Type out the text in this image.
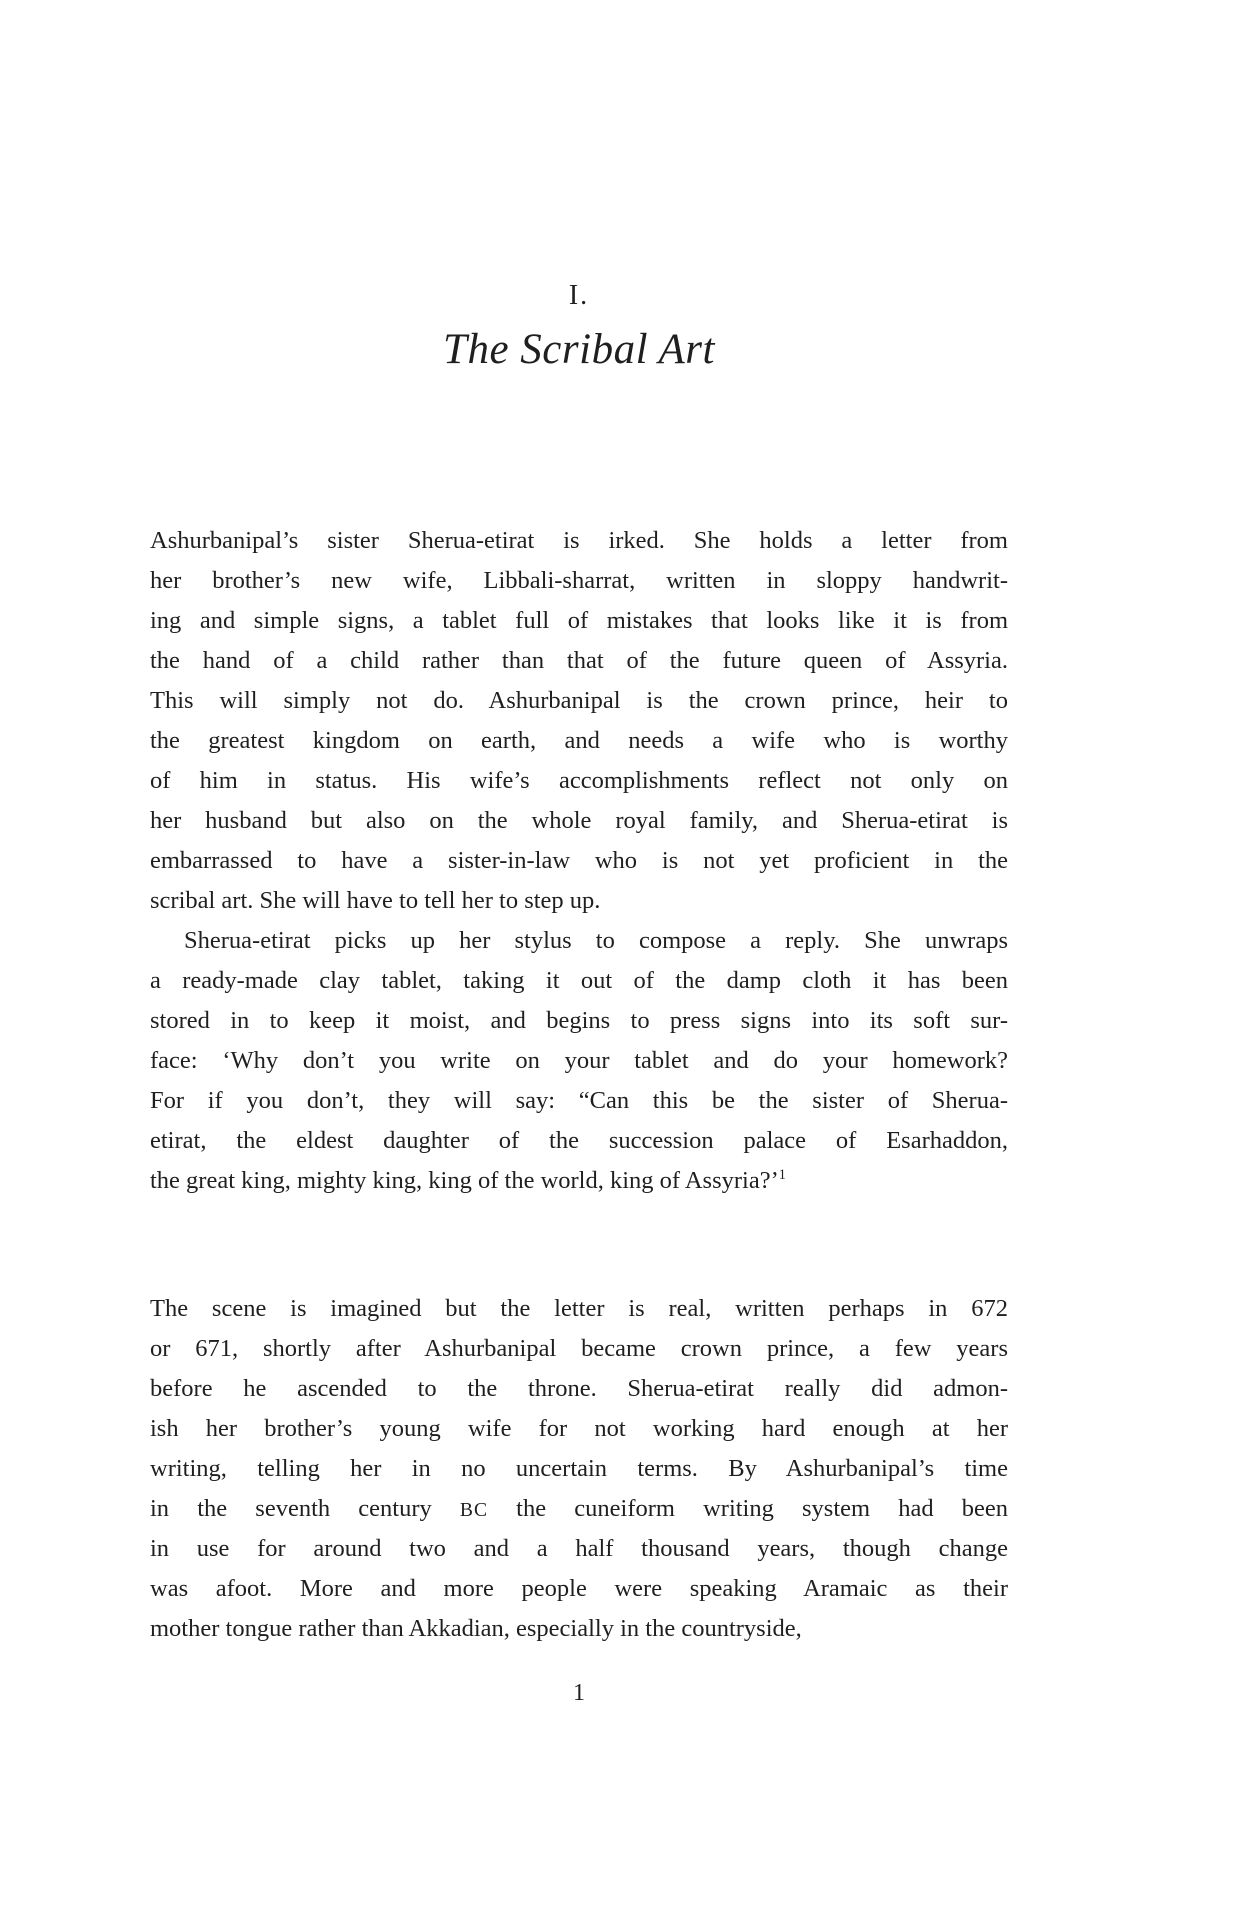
I.
The Scribal Art
Ashurbanipal’s sister Sherua-etirat is irked. She holds a letter from
her brother’s new wife, Libbali-sharrat, written in sloppy handwrit-
ing and simple signs, a tablet full of mistakes that looks like it is from
the hand of a child rather than that of the future queen of Assyria.
This will simply not do. Ashurbanipal is the crown prince, heir to
the greatest kingdom on earth, and needs a wife who is worthy
of him in status. His wife’s accomplishments reflect not only on
her husband but also on the whole royal family, and Sherua-etirat is
embarrassed to have a sister-in-law who is not yet proficient in the
scribal art. She will have to tell her to step up.
Sherua-etirat picks up her stylus to compose a reply. She unwraps
a ready-made clay tablet, taking it out of the damp cloth it has been
stored in to keep it moist, and begins to press signs into its soft sur-
face: ‘Why don’t you write on your tablet and do your homework?
For if you don’t, they will say: “Can this be the sister of Sherua-
etirat, the eldest daughter of the succession palace of Esarhaddon,
the great king, mighty king, king of the world, king of Assyria?’$^1$
The scene is imagined but the letter is real, written perhaps in 672
or 671, shortly after Ashurbanipal became crown prince, a few years
before he ascended to the throne. Sherua-etirat really did admon-
ish her brother’s young wife for not working hard enough at her
writing, telling her in no uncertain terms. By Ashurbanipal’s time
in the seventh century BC the cuneiform writing system had been
in use for around two and a half thousand years, though change
was afoot. More and more people were speaking Aramaic as their
mother tongue rather than Akkadian, especially in the countryside,
1
